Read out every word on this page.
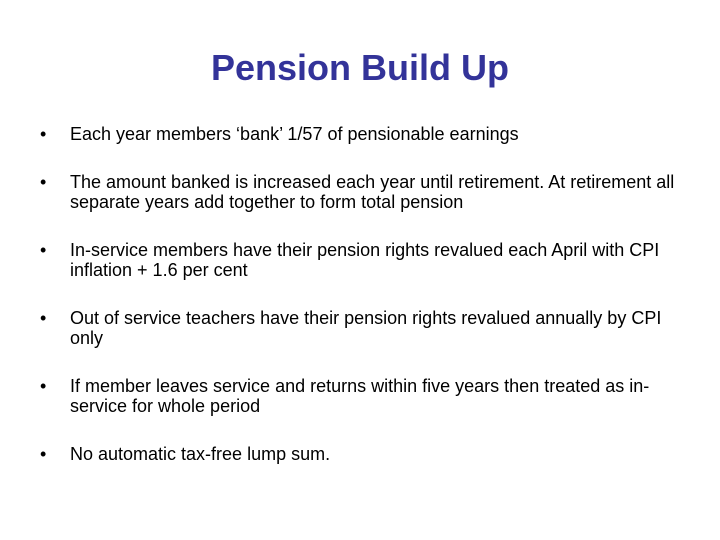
Pension Build Up
•	Each year members ‘bank’ 1/57 of pensionable earnings
•	The amount banked is increased each year until retirement. At retirement all separate years add together to form total pension
•	In-service members have their pension rights revalued each April with CPI inflation + 1.6 per cent
•	Out of service teachers have their pension rights revalued annually by CPI only
•	If member leaves service and returns within five years then treated as in-service for whole period
•	No automatic tax-free lump sum.
